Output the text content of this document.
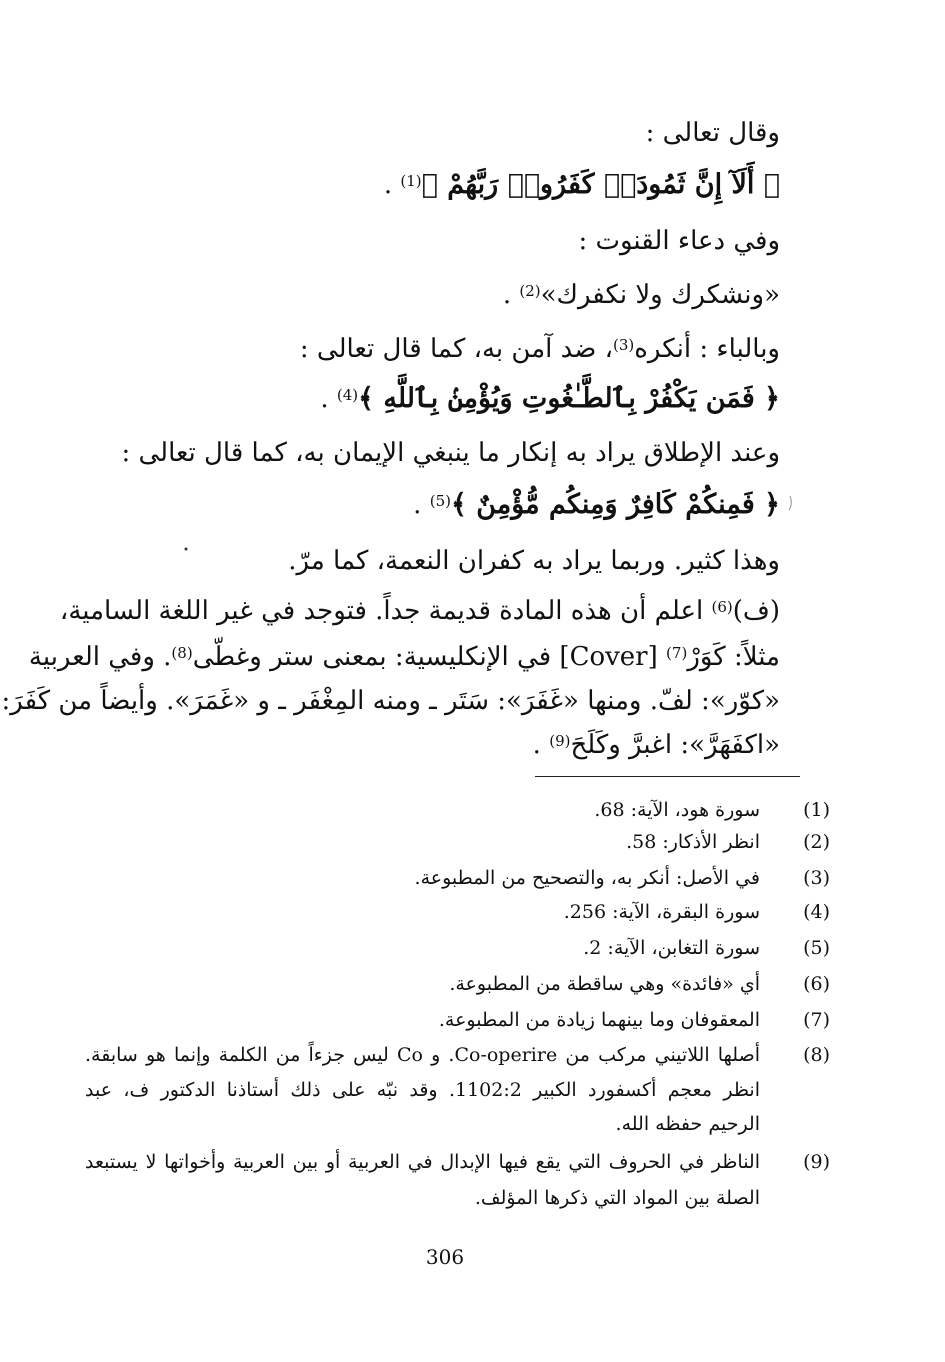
وقال تعالى :
﴿ أَلَآ إِنَّ ثَمُودَا۟ كَفَرُوا۟ رَبَّهُمْ ﴾$^{(1)}$ .
وفي دعاء القنوت :
«ونشكرك ولا نكفرك»$^{(2)}$ .
وبالباء : أنكره$^{(3)}$، ضد آمن به، كما قال تعالى :
﴿ فَمَن يَكْفُرْ بِٱلطَّـٰغُوتِ وَيُؤْمِنۢ بِٱللَّهِ ﴾$^{(4)}$ .
وعند الإطلاق يراد به إنكار ما ينبغي الإيمان به، كما قال تعالى :
﴿ فَمِنكُمْ كَافِرٌ وَمِنكُم مُّؤْمِنٌ ﴾$^{(5)}$ .
وهذا كثير. وربما يراد به كفران النعمة، كما مرّ.
(ف)$^{(6)}$ اعلم أن هذه المادة قديمة جداً. فتوجد في غير اللغة السامية،
مثلاً: كَوَرْ$^{(7)}$ [Cover] في الإنكليسية: بمعنى ستر وغطّى$^{(8)}$. وفي العربية
«كوّر»: لفّ. ومنها «غَفَرَ»: سَتَر ـ ومنه المِغْفَر ـ و «غَمَرَ». وأيضاً من كَفَرَ:
«اكفَهَرَّ»: اغبرَّ وكَلَحَ$^{(9)}$ .
(1)
سورة هود، الآية: 68.
(2)
انظر الأذكار: 58.
(3)
في الأصل: أنكر به، والتصحيح من المطبوعة.
(4)
سورة البقرة، الآية: 256.
(5)
سورة التغابن، الآية: 2.
(6)
أي «فائدة» وهي ساقطة من المطبوعة.
(7)
المعقوفان وما بينهما زيادة من المطبوعة.
(8)
أصلها اللاتيني مركب من Co-operire. و Co ليس جزءاً من الكلمة وإنما هو سابقة.
انظر معجم أكسفورد الكبير 1102:2. وقد نبّه على ذلك أستاذنا الدكتور ف، عبد
الرحيم حفظه الله.
(9)
الناظر في الحروف التي يقع فيها الإبدال في العربية أو بين العربية وأخواتها لا يستبعد
الصلة بين المواد التي ذكرها المؤلف.
306
